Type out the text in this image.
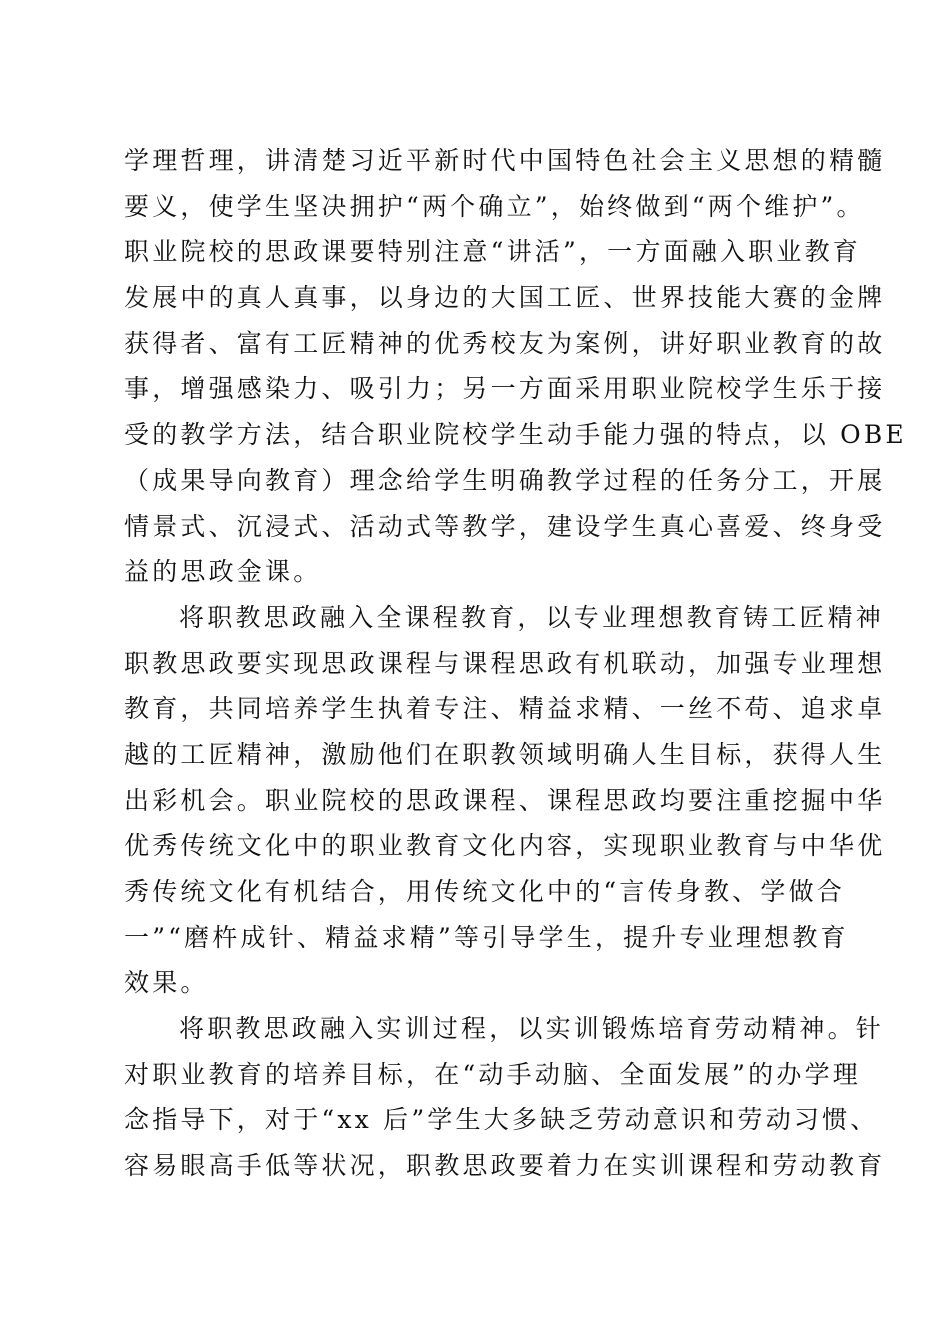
学理哲理，讲清楚习近平新时代中国特色社会主义思想的精髓
要义，使学生坚决拥护“两个确立”，始终做到“两个维护”。
职业院校的思政课要特别注意“讲活”，一方面融入职业教育
发展中的真人真事，以身边的大国工匠、世界技能大赛的金牌
获得者、富有工匠精神的优秀校友为案例，讲好职业教育的故
事，增强感染力、吸引力；另一方面采用职业院校学生乐于接
受的教学方法，结合职业院校学生动手能力强的特点，以 OBE
（成果导向教育）理念给学生明确教学过程的任务分工，开展
情景式、沉浸式、活动式等教学，建设学生真心喜爱、终身受
益的思政金课。
将职教思政融入全课程教育，以专业理想教育铸工匠精神
职教思政要实现思政课程与课程思政有机联动，加强专业理想
教育，共同培养学生执着专注、精益求精、一丝不苟、追求卓
越的工匠精神，激励他们在职教领域明确人生目标，获得人生
出彩机会。职业院校的思政课程、课程思政均要注重挖掘中华
优秀传统文化中的职业教育文化内容，实现职业教育与中华优
秀传统文化有机结合，用传统文化中的“言传身教、学做合
一”“磨杵成针、精益求精”等引导学生，提升专业理想教育
效果。
将职教思政融入实训过程，以实训锻炼培育劳动精神。针
对职业教育的培养目标，在“动手动脑、全面发展”的办学理
念指导下，对于“xx 后”学生大多缺乏劳动意识和劳动习惯、
容易眼高手低等状况，职教思政要着力在实训课程和劳动教育
